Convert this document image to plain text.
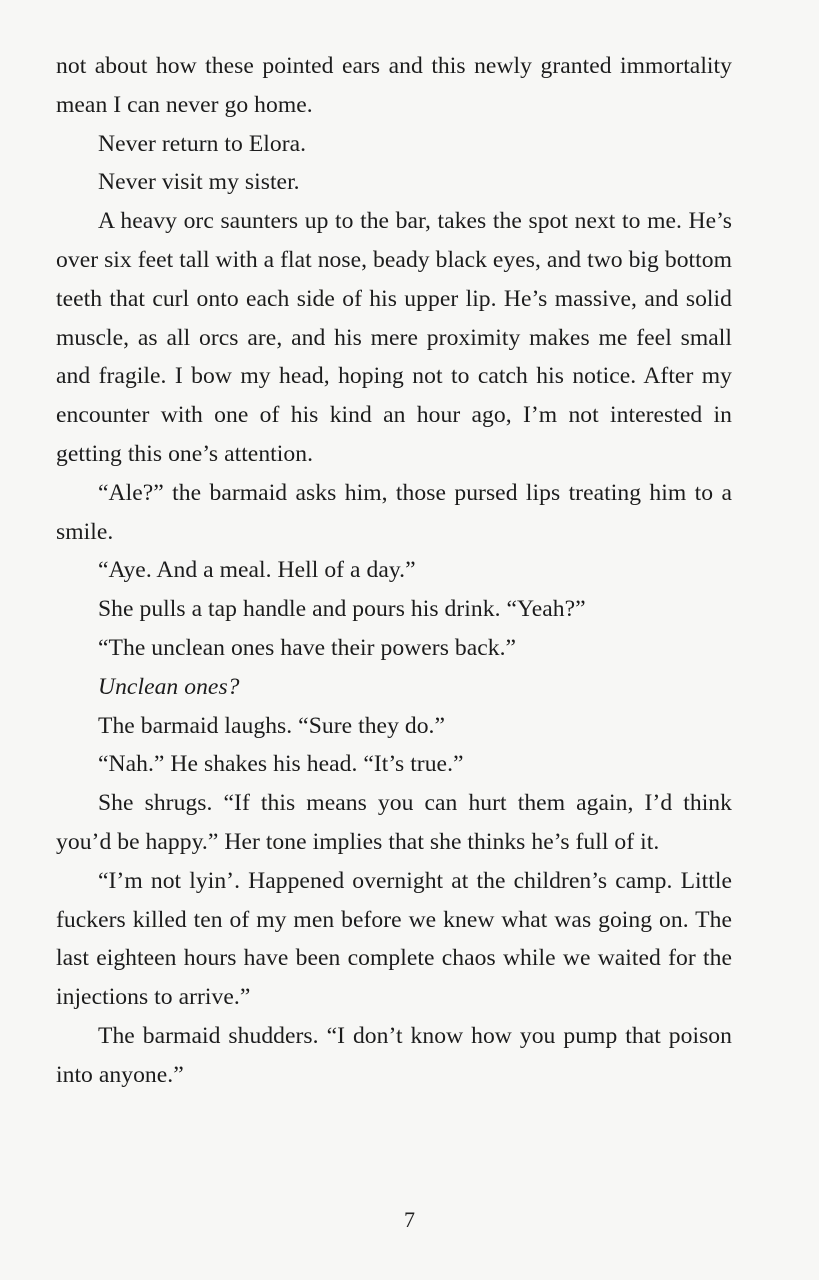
not about how these pointed ears and this newly granted immortality mean I can never go home.

Never return to Elora.

Never visit my sister.

A heavy orc saunters up to the bar, takes the spot next to me. He’s over six feet tall with a flat nose, beady black eyes, and two big bottom teeth that curl onto each side of his upper lip. He’s massive, and solid muscle, as all orcs are, and his mere proximity makes me feel small and fragile. I bow my head, hoping not to catch his notice. After my encounter with one of his kind an hour ago, I’m not interested in getting this one’s attention.

“Ale?” the barmaid asks him, those pursed lips treating him to a smile.

“Aye. And a meal. Hell of a day.”

She pulls a tap handle and pours his drink. “Yeah?”

“The unclean ones have their powers back.”

Unclean ones?

The barmaid laughs. “Sure they do.”

“Nah.” He shakes his head. “It’s true.”

She shrugs. “If this means you can hurt them again, I’d think you’d be happy.” Her tone implies that she thinks he’s full of it.

“I’m not lyin’. Happened overnight at the children’s camp. Little fuckers killed ten of my men before we knew what was going on. The last eighteen hours have been complete chaos while we waited for the injections to arrive.”

The barmaid shudders. “I don’t know how you pump that poison into anyone.”

7
